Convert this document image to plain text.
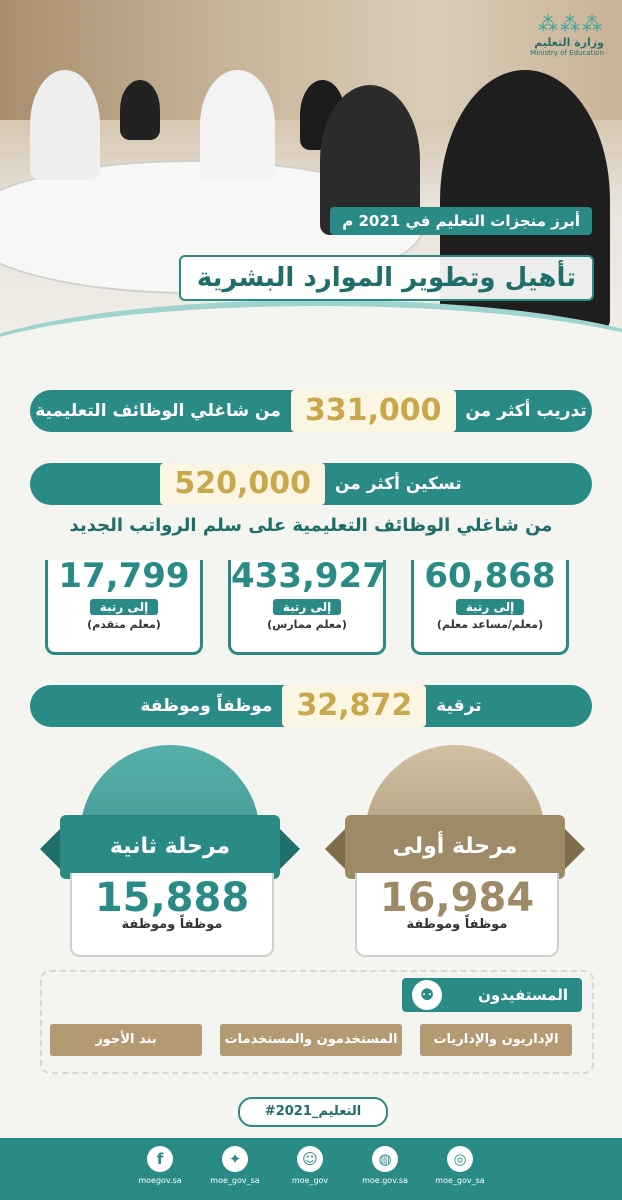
⁂⁂⁂
وزارة التعليم
Ministry of Education
أبرز منجزات التعليم في 2021 م
تأهيل وتطوير الموارد البشرية
تدريب أكثر من
331,000
من شاغلي الوظائف التعليمية
تسكين أكثر من
520,000
من شاغلي الوظائف التعليمية على سلم الرواتب الجديد
17,799
إلى رتبة
(معلم متقدم)
433,927
إلى رتبة
(معلم ممارس)
60,868
إلى رتبة
(معلم/مساعد معلم)
ترقية
32,872
موظفاً وموظفة
مرحلة ثانية
15,888
موظفاً وموظفة
مرحلة أولى
16,984
موظفاً وموظفة
⚉	المستفيدون
بند الأجور	المستخدمون والمستخدمات	الإداريون والإداريات
#التعليم_2021
f
moegov.sa
✦
moe_gov_sa
☺
moe_gov
◍
moe.gov.sa
◎
moe_gov_sa
